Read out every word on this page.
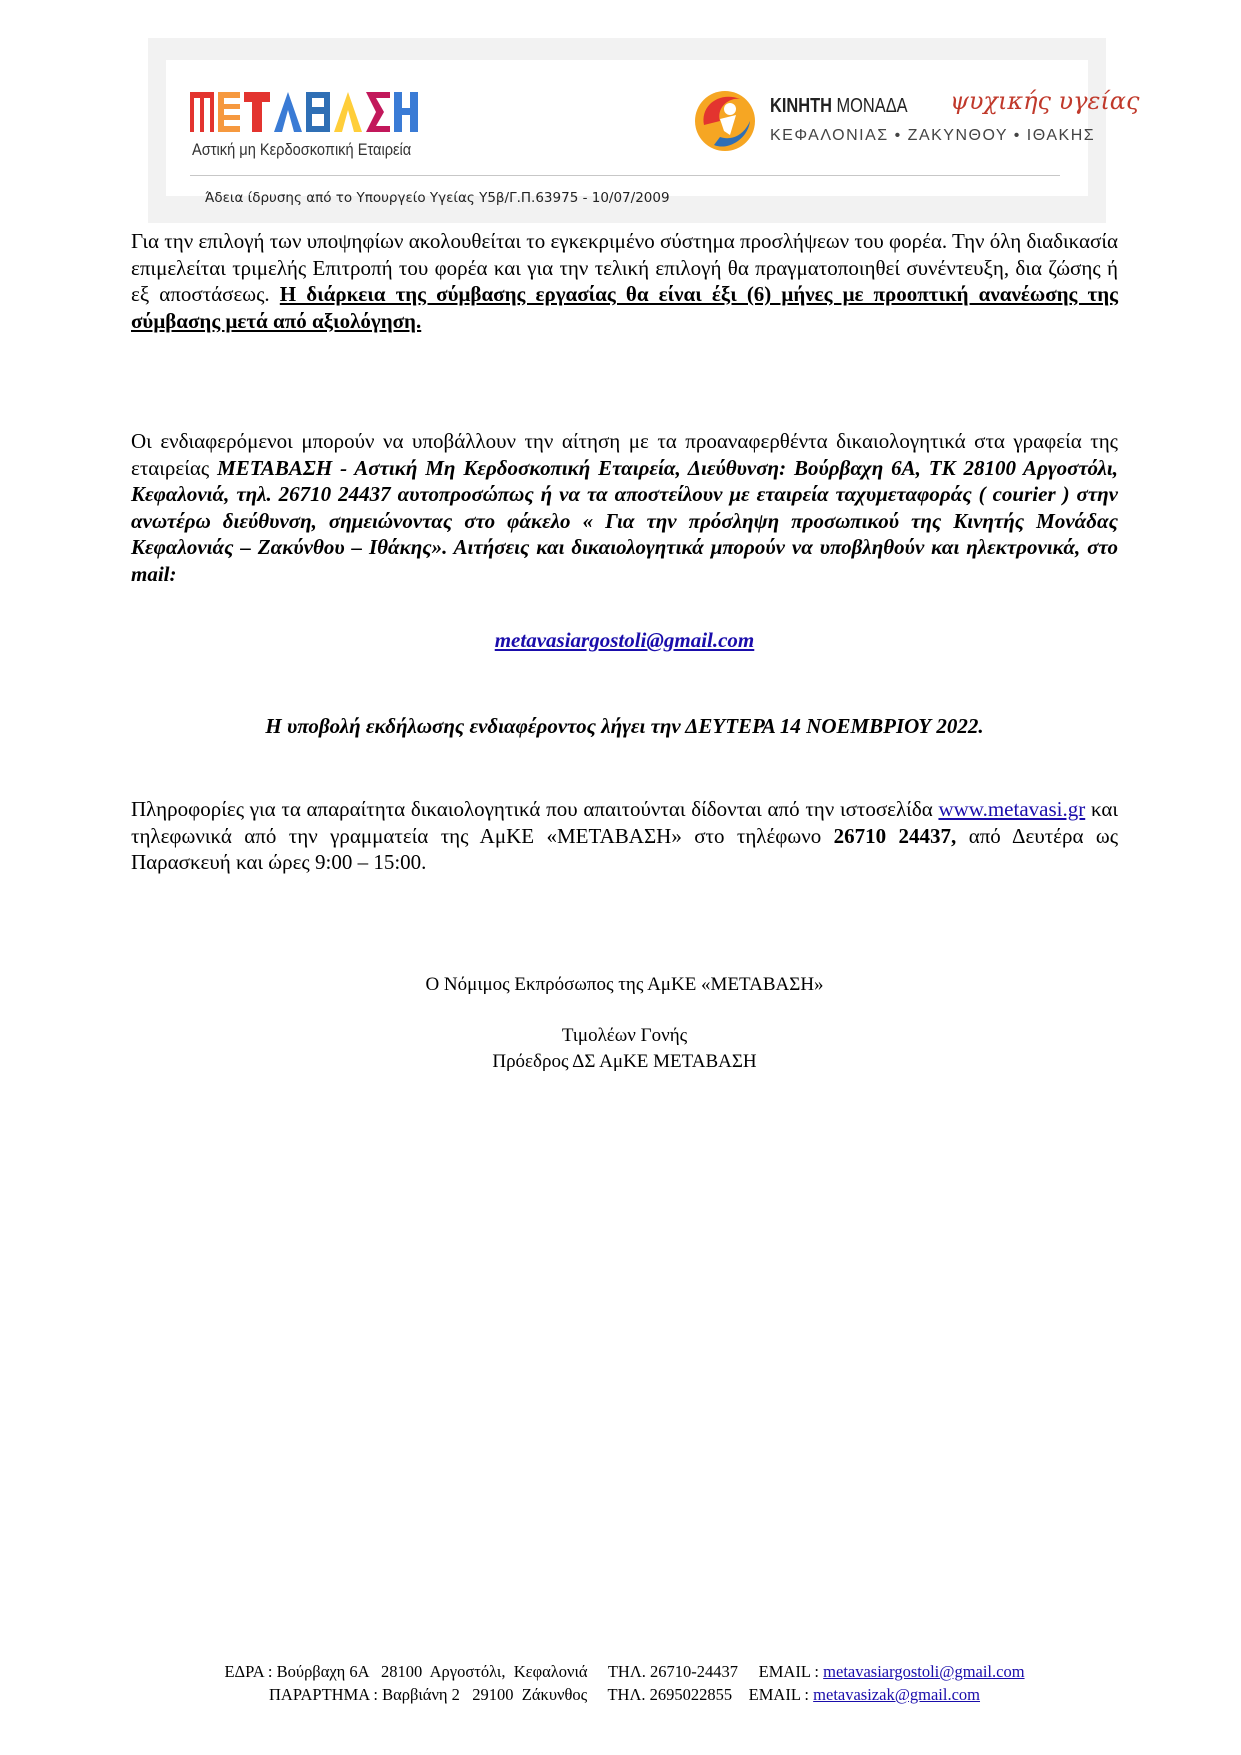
Αστική μη Κερδοσκοπική Εταιρεία
ΚΙΝΗΤΗ ΜΟΝΑΔΑ ψυχικής υγείας
ΚΕΦΑΛΟΝΙΑΣ • ΖΑΚΥΝΘΟΥ • ΙΘΑΚΗΣ
Άδεια ίδρυσης από το Υπουργείο Υγείας Υ5β/Γ.Π.63975 - 10/07/2009
Για την επιλογή των υποψηφίων ακολουθείται το εγκεκριμένο σύστημα προσλήψεων του φορέα. Την όλη διαδικασία επιμελείται τριμελής Επιτροπή του φορέα και για την τελική επιλογή θα πραγματοποιηθεί συνέντευξη, δια ζώσης ή εξ αποστάσεως. Η διάρκεια της σύμβασης εργασίας θα είναι έξι (6) μήνες με προοπτική ανανέωσης της σύμβασης μετά από αξιολόγηση.
Οι ενδιαφερόμενοι μπορούν να υποβάλλουν την αίτηση με τα προαναφερθέντα δικαιολογητικά στα γραφεία της εταιρείας ΜΕΤΑΒΑΣΗ - Αστική Μη Κερδοσκοπική Εταιρεία, Διεύθυνση: Βούρβαχη 6Α, ΤΚ 28100 Αργοστόλι, Κεφαλονιά, τηλ. 26710 24437 αυτοπροσώπως ή να τα αποστείλουν με εταιρεία ταχυμεταφοράς ( courier ) στην ανωτέρω διεύθυνση, σημειώνοντας στο φάκελο « Για την πρόσληψη προσωπικού της Κινητής Μονάδας Κεφαλονιάς – Ζακύνθου – Ιθάκης». Αιτήσεις και δικαιολογητικά μπορούν να υποβληθούν και ηλεκτρονικά, στο mail:
metavasiargostoli@gmail.com
Η υποβολή εκδήλωσης ενδιαφέροντος λήγει την ΔΕΥΤΕΡΑ 14 ΝΟΕΜΒΡΙΟΥ 2022.
Πληροφορίες για τα απαραίτητα δικαιολογητικά που απαιτούνται δίδονται από την ιστοσελίδα www.metavasi.gr και τηλεφωνικά από την γραμματεία της ΑμΚΕ «ΜΕΤΑΒΑΣΗ» στο τηλέφωνο 26710 24437, από Δευτέρα ως Παρασκευή και ώρες 9:00 – 15:00.
Ο Νόμιμος Εκπρόσωπος της ΑμΚΕ «ΜΕΤΑΒΑΣΗ»
Τιμολέων Γονής
Πρόεδρος ΔΣ ΑμΚΕ ΜΕΤΑΒΑΣΗ
ΕΔΡΑ : Βούρβαχη 6Α   28100  Αργοστόλι,  Κεφαλονιά     ΤΗΛ. 26710-24437     EMAIL : metavasiargostoli@gmail.com
ΠΑΡΑΡΤΗΜΑ : Βαρβιάνη 2   29100  Ζάκυνθος     ΤΗΛ. 2695022855    EMAIL : metavasizak@gmail.com
